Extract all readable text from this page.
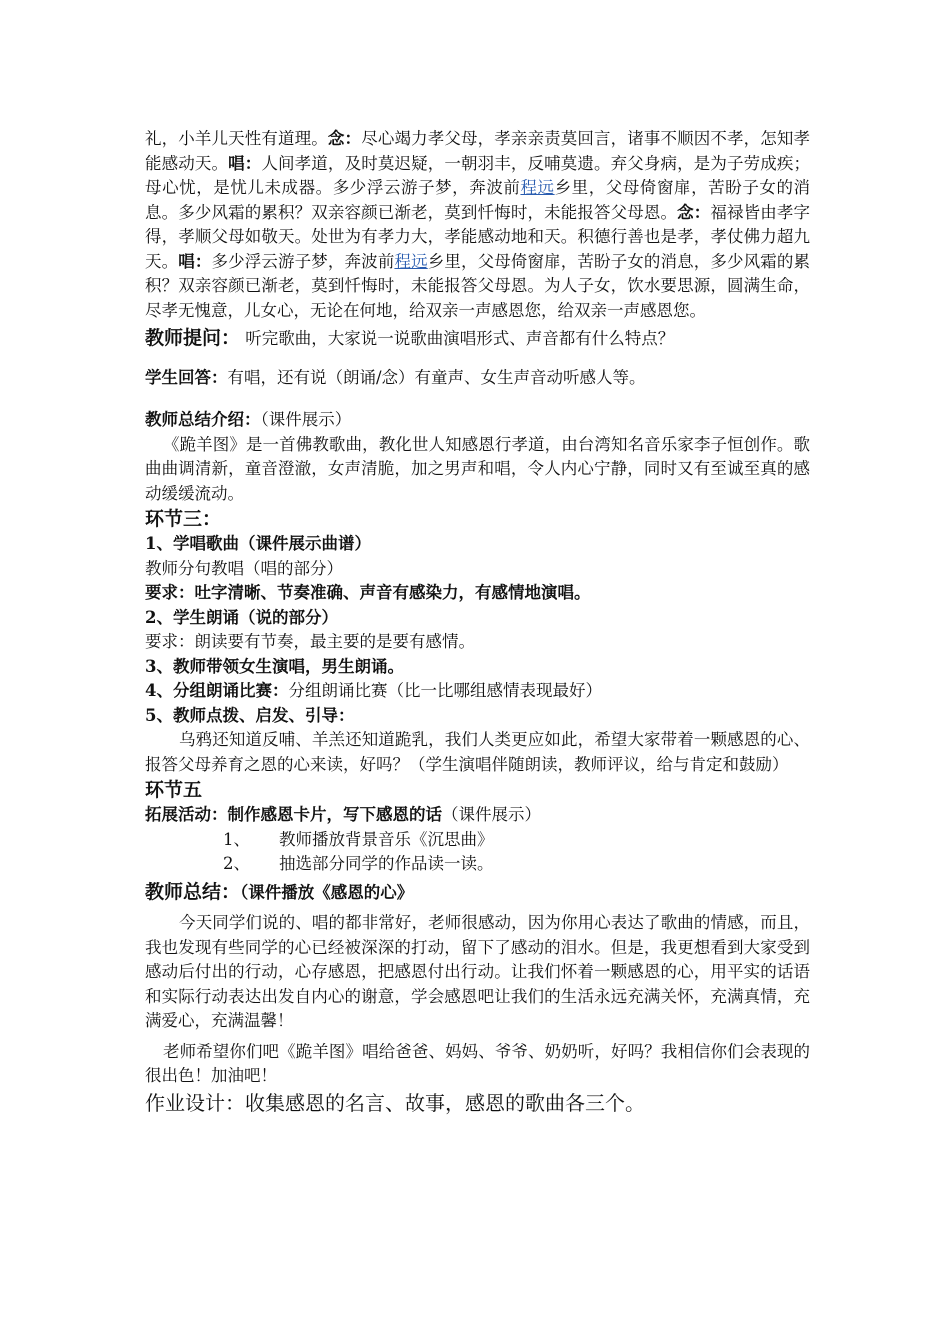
礼，小羊儿天性有道理。念：尽心竭力孝父母，孝亲亲责莫回言，诸事不顺因不孝，怎知孝能感动天。唱：人间孝道，及时莫迟疑，一朝羽丰，反哺莫遗。弃父身病，是为子劳成疾；母心忧，是忧儿未成器。多少浮云游子梦，奔波前程远乡里，父母倚窗扉，苦盼子女的消息。多少风霜的累积？双亲容颜已渐老，莫到忏悔时，未能报答父母恩。念：福禄皆由孝字得，孝顺父母如敬天。处世为有孝力大，孝能感动地和天。积德行善也是孝，孝仗佛力超九天。唱：多少浮云游子梦，奔波前程远乡里，父母倚窗扉，苦盼子女的消息，多少风霜的累积？双亲容颜已渐老，莫到忏悔时，未能报答父母恩。为人子女，饮水要思源，圆满生命，尽孝无愧意，儿女心，无论在何地，给双亲一声感恩您，给双亲一声感恩您。

教师提问： 听完歌曲，大家说一说歌曲演唱形式、声音都有什么特点？

学生回答：有唱，还有说（朗诵/念）有童声、女生声音动听感人等。

教师总结介绍：（课件展示）

《跪羊图》是一首佛教歌曲，教化世人知感恩行孝道，由台湾知名音乐家李子恒创作。歌曲曲调清新，童音澄澈，女声清脆，加之男声和唱，令人内心宁静，同时又有至诚至真的感动缓缓流动。

环节三：

1、学唱歌曲（课件展示曲谱）

教师分句教唱（唱的部分）

要求：吐字清晰、节奏准确、声音有感染力，有感情地演唱。

2、学生朗诵（说的部分）

要求：朗读要有节奏，最主要的是要有感情。

3、教师带领女生演唱，男生朗诵。

4、分组朗诵比赛：分组朗诵比赛（比一比哪组感情表现最好）

5、教师点拨、启发、引导：

乌鸦还知道反哺、羊羔还知道跪乳，我们人类更应如此，希望大家带着一颗感恩的心、报答父母养育之恩的心来读，好吗？（学生演唱伴随朗读，教师评议，给与肯定和鼓励）

环节五

拓展活动：制作感恩卡片，写下感恩的话（课件展示）

1、 教师播放背景音乐《沉思曲》

2、 抽选部分同学的作品读一读。

教师总结：（课件播放《感恩的心》

今天同学们说的、唱的都非常好，老师很感动，因为你用心表达了歌曲的情感，而且，我也发现有些同学的心已经被深深的打动，留下了感动的泪水。但是，我更想看到大家受到感动后付出的行动，心存感恩，把感恩付出行动。让我们怀着一颗感恩的心，用平实的话语和实际行动表达出发自内心的谢意，学会感恩吧让我们的生活永远充满关怀，充满真情，充满爱心，充满温馨！

老师希望你们吧《跪羊图》唱给爸爸、妈妈、爷爷、奶奶听，好吗？我相信你们会表现的很出色！加油吧！

作业设计：收集感恩的名言、故事，感恩的歌曲各三个。
